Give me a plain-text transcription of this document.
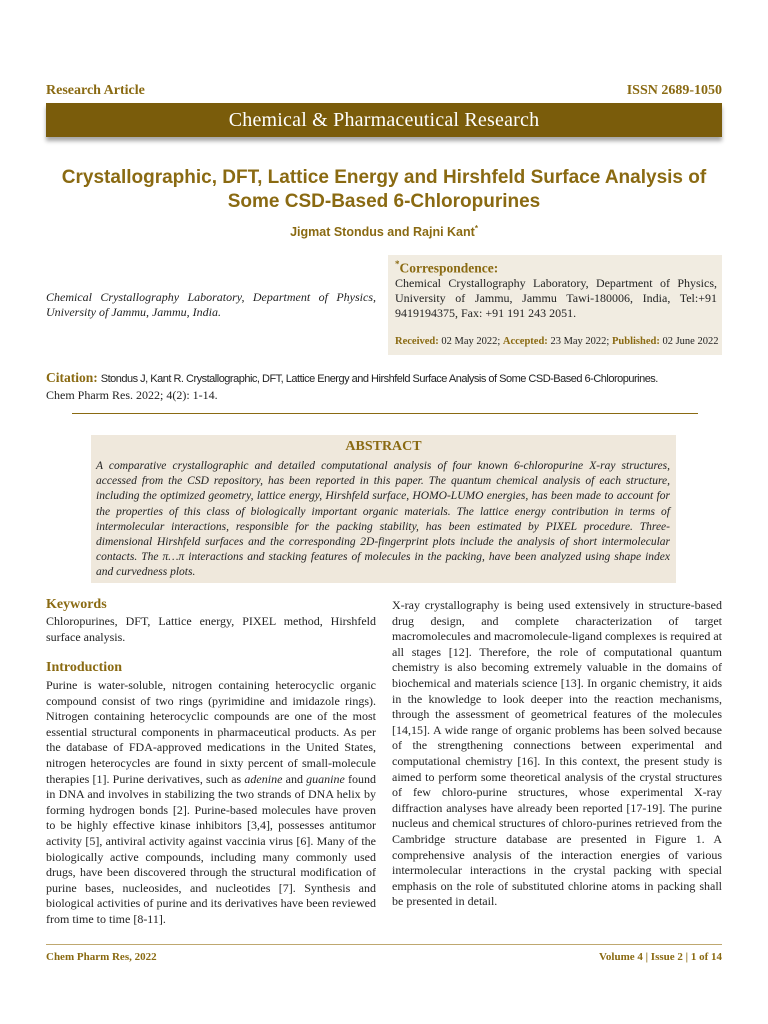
Research Article	ISSN 2689-1050
Chemical & Pharmaceutical Research
Crystallographic, DFT, Lattice Energy and Hirshfeld Surface Analysis of
Some CSD-Based 6-Chloropurines
Jigmat Stondus and Rajni Kant*
Chemical Crystallography Laboratory, Department of Physics, University of Jammu, Jammu, India.
*Correspondence:
Chemical Crystallography Laboratory, Department of Physics, University of Jammu, Jammu Tawi-180006, India, Tel:+91 9419194375, Fax: +91 191 243 2051.
Received: 02 May 2022; Accepted: 23 May 2022; Published: 02 June 2022
Citation: Stondus J, Kant R. Crystallographic, DFT, Lattice Energy and Hirshfeld Surface Analysis of Some CSD-Based 6-Chloropurines.
Chem Pharm Res. 2022; 4(2): 1-14.
ABSTRACT
A comparative crystallographic and detailed computational analysis of four known 6-chloropurine X-ray structures, accessed from the CSD repository, has been reported in this paper. The quantum chemical analysis of each structure, including the optimized geometry, lattice energy, Hirshfeld surface, HOMO-LUMO energies, has been made to account for the properties of this class of biologically important organic materials. The lattice energy contribution in terms of intermolecular interactions, responsible for the packing stability, has been estimated by PIXEL procedure. Three-dimensional Hirshfeld surfaces and the corresponding 2D-fingerprint plots include the analysis of short intermolecular contacts. The π…π interactions and stacking features of molecules in the packing, have been analyzed using shape index and curvedness plots.
Keywords
Chloropurines, DFT, Lattice energy, PIXEL method, Hirshfeld surface analysis.
Introduction
Purine is water-soluble, nitrogen containing heterocyclic organic compound consist of two rings (pyrimidine and imidazole rings). Nitrogen containing heterocyclic compounds are one of the most essential structural components in pharmaceutical products. As per the database of FDA-approved medications in the United States, nitrogen heterocycles are found in sixty percent of small-molecule therapies [1]. Purine derivatives, such as adenine and guanine found in DNA and involves in stabilizing the two strands of DNA helix by forming hydrogen bonds [2]. Purine-based molecules have proven to be highly effective kinase inhibitors [3,4], possesses antitumor activity [5], antiviral activity against vaccinia virus [6]. Many of the biologically active compounds, including many commonly used drugs, have been discovered through the structural modification of purine bases, nucleosides, and nucleotides [7]. Synthesis and biological activities of purine and its derivatives have been reviewed from time to time [8-11].
X-ray crystallography is being used extensively in structure-based drug design, and complete characterization of target macromolecules and macromolecule-ligand complexes is required at all stages [12]. Therefore, the role of computational quantum chemistry is also becoming extremely valuable in the domains of biochemical and materials science [13]. In organic chemistry, it aids in the knowledge to look deeper into the reaction mechanisms, through the assessment of geometrical features of the molecules [14,15]. A wide range of organic problems has been solved because of the strengthening connections between experimental and computational chemistry [16]. In this context, the present study is aimed to perform some theoretical analysis of the crystal structures of few chloro-purine structures, whose experimental X-ray diffraction analyses have already been reported [17-19]. The purine nucleus and chemical structures of chloro-purines retrieved from the Cambridge structure database are presented in Figure 1. A comprehensive analysis of the interaction energies of various intermolecular interactions in the crystal packing with special emphasis on the role of substituted chlorine atoms in packing shall be presented in detail.
Chem Pharm Res, 2022	Volume 4 | Issue 2 | 1 of 14
